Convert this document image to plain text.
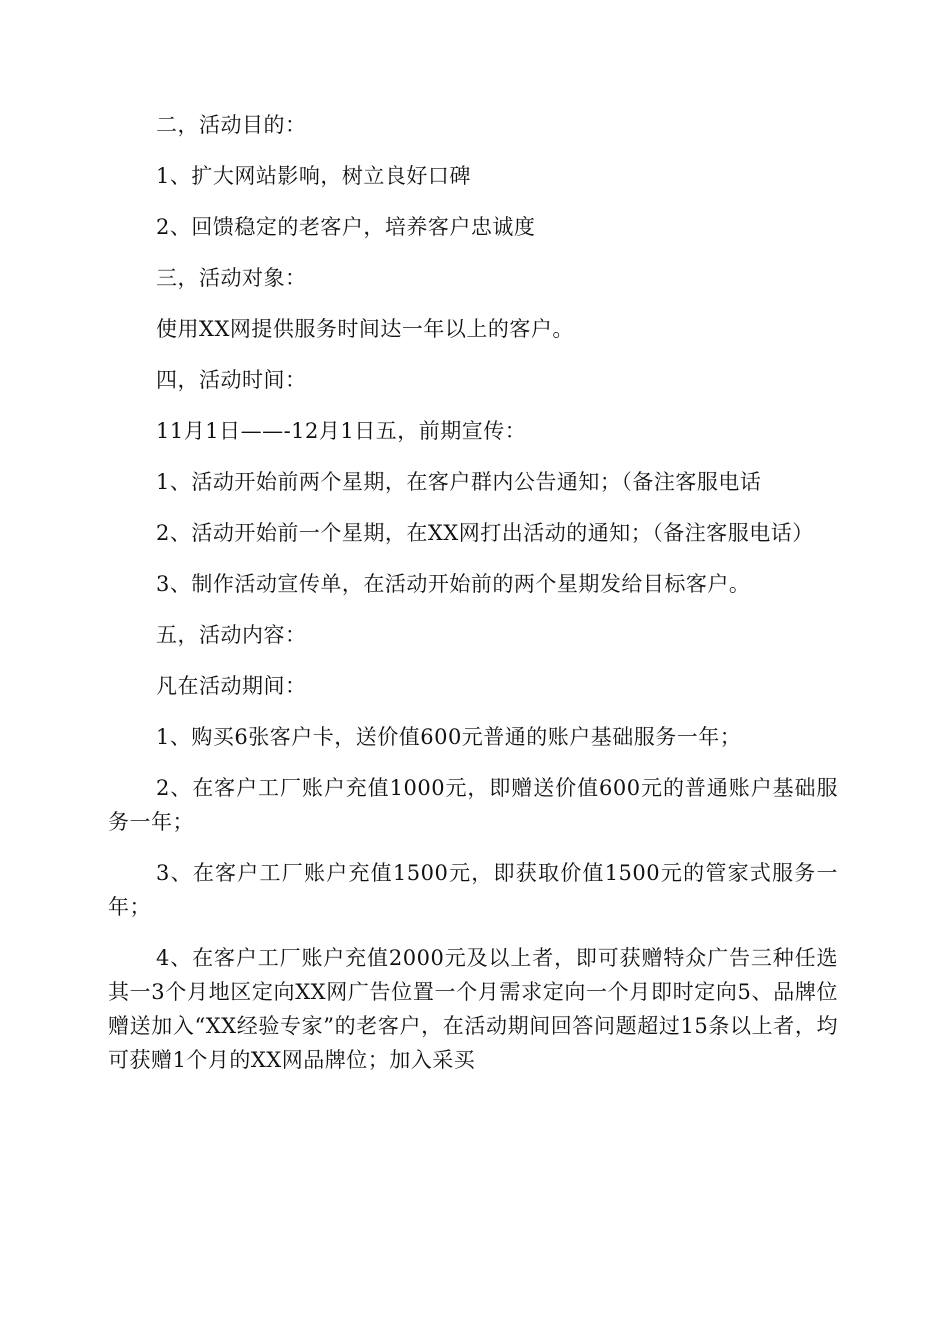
二，活动目的：

1、扩大网站影响，树立良好口碑

2、回馈稳定的老客户，培养客户忠诚度

三，活动对象：

使用XX网提供服务时间达一年以上的客户。

四，活动时间：

11月1日——-12月1日五，前期宣传：

1、活动开始前两个星期，在客户群内公告通知；（备注客服电话

2、活动开始前一个星期，在XX网打出活动的通知；（备注客服电话）

3、制作活动宣传单，在活动开始前的两个星期发给目标客户。

五，活动内容：

凡在活动期间：

1、购买6张客户卡，送价值600元普通的账户基础服务一年；

2、在客户工厂账户充值1000元，即赠送价值600元的普通账户基础服务一年；

3、在客户工厂账户充值1500元，即获取价值1500元的管家式服务一年；

4、在客户工厂账户充值2000元及以上者，即可获赠特众广告三种任选其一3个月地区定向XX网广告位置一个月需求定向一个月即时定向5、品牌位赠送加入“XX经验专家”的老客户，在活动期间回答问题超过15条以上者，均可获赠1个月的XX网品牌位；加入采买
